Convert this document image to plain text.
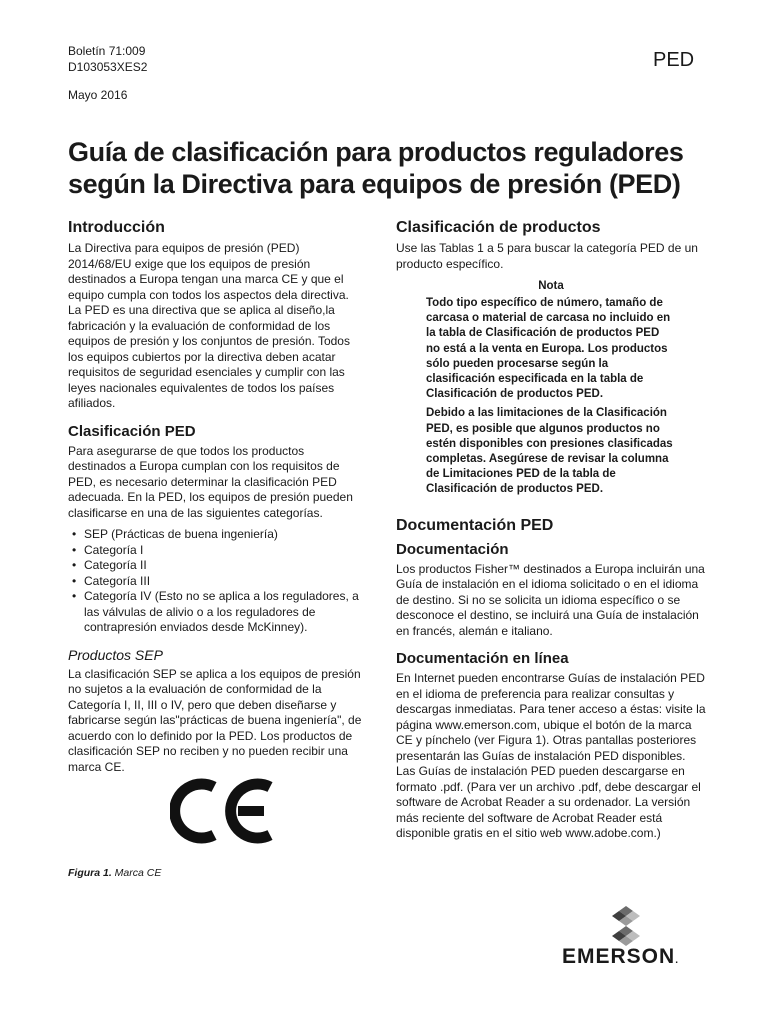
Boletín 71:009
D103053XES2
Mayo 2016
PED
Guía de clasificación para productos reguladores
según la Directiva para equipos de presión (PED)
Introducción

La Directiva para equipos de presión (PED) 2014/68/EU exige que los equipos de presión destinados a Europa tengan una marca CE y que el equipo cumpla con todos los aspectos dela directiva. La PED es una directiva que se aplica al diseño,la fabricación y la evaluación de conformidad de los equipos de presión y los conjuntos de presión. Todos los equipos cubiertos por la directiva deben acatar requisitos de seguridad esenciales y cumplir con las leyes nacionales equivalentes de todos los países afiliados.

Clasificación PED

Para asegurarse de que todos los productos destinados a Europa cumplan con los requisitos de PED, es necesario determinar la clasificación PED adecuada. En la PED, los equipos de presión pueden clasificarse en una de las siguientes categorías.

• SEP (Prácticas de buena ingeniería)
• Categoría I
• Categoría II
• Categoría III
• Categoría IV (Esto no se aplica a los reguladores, a las válvulas de alivio o a los reguladores de contrapresión enviados desde McKinney).
Productos SEP

La clasificación SEP se aplica a los equipos de presión no sujetos a la evaluación de conformidad de la Categoría I, II, III o IV, pero que deben diseñarse y fabricarse según las"prácticas de buena ingeniería", de acuerdo con lo definido por la PED. Los productos de clasificación SEP no reciben y no pueden recibir una marca CE.

Figura 1. Marca CE
Clasificación de productos

Use las Tablas 1 a 5 para buscar la categoría PED de un producto específico.

Nota

Todo tipo específico de número, tamaño de carcasa o material de carcasa no incluido en la tabla de Clasificación de productos PED no está a la venta en Europa. Los productos sólo pueden procesarse según la clasificación especificada en la tabla de Clasificación de productos PED.

Debido a las limitaciones de la Clasificación PED, es posible que algunos productos no estén disponibles con presiones clasificadas completas. Asegúrese de revisar la columna de Limitaciones PED de la tabla de Clasificación de productos PED.

Documentación PED
Documentación

Los productos Fisher™ destinados a Europa incluirán una Guía de instalación en el idioma solicitado o en el idioma de destino. Si no se solicita un idioma específico o se desconoce el destino, se incluirá una Guía de instalación en francés, alemán e italiano.

Documentación en línea

En Internet pueden encontrarse Guías de instalación PED en el idioma de preferencia para realizar consultas y descargas inmediatas. Para tener acceso a éstas: visite la página www.emerson.com, ubique el botón de la marca CE y pínchelo (ver Figura 1). Otras pantallas posteriores presentarán las Guías de instalación PED disponibles. Las Guías de instalación PED pueden descargarse en formato .pdf. (Para ver un archivo .pdf, debe descargar el software de Acrobat Reader a su ordenador. La versión más reciente del software de Acrobat Reader está disponible gratis en el sitio web www.adobe.com.)

EMERSON.
